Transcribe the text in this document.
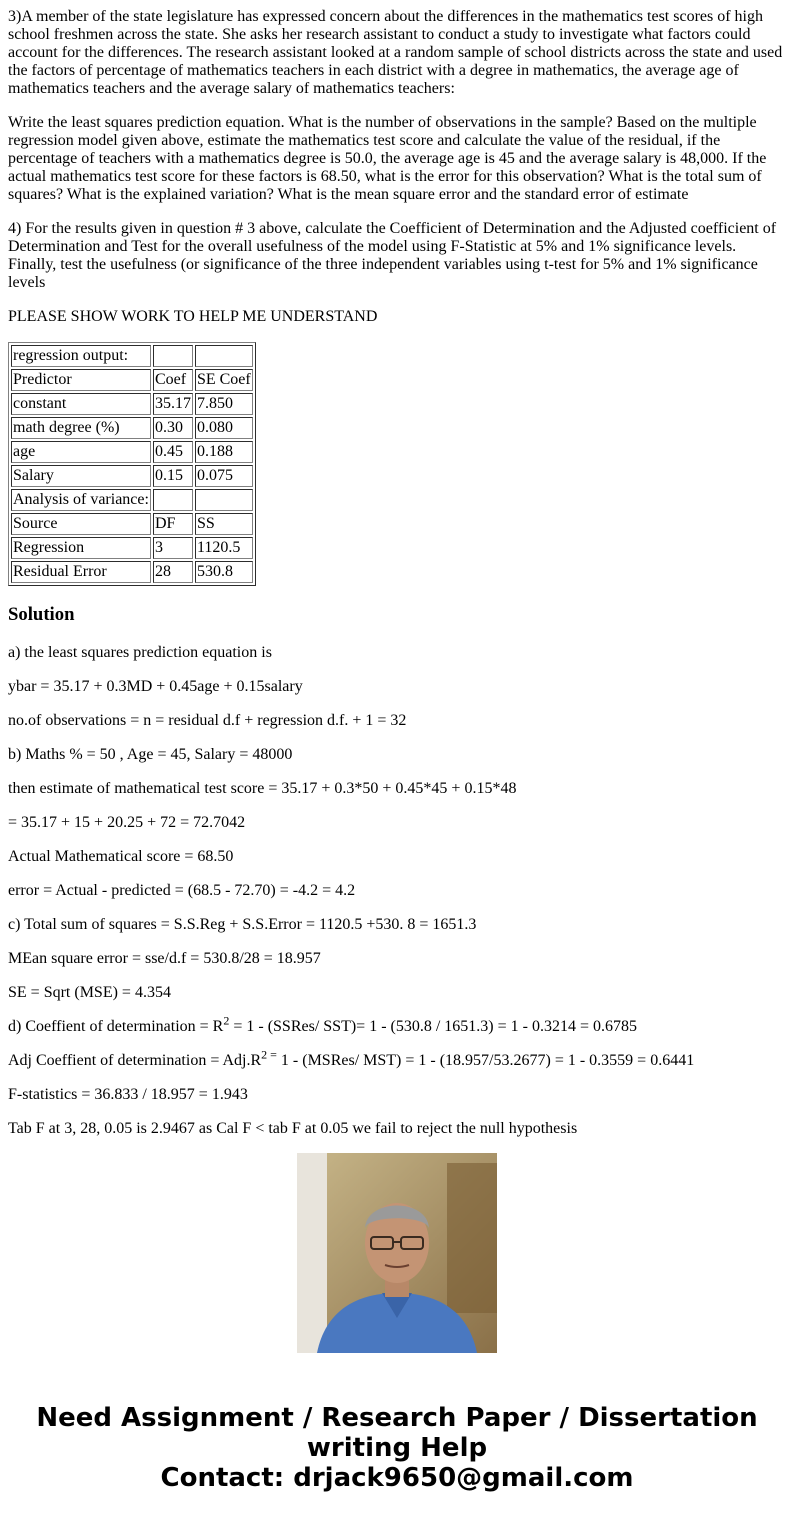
3)A member of the state legislature has expressed concern about the differences in the mathematics test scores of high school freshmen across the state. She asks her research assistant to conduct a study to investigate what factors could account for the differences. The research assistant looked at a random sample of school districts across the state and used the factors of percentage of mathematics teachers in each district with a degree in mathematics, the average age of mathematics teachers and the average salary of mathematics teachers:

Write the least squares prediction equation. What is the number of observations in the sample? Based on the multiple regression model given above, estimate the mathematics test score and calculate the value of the residual, if the percentage of teachers with a mathematics degree is 50.0, the average age is 45 and the average salary is 48,000. If the actual mathematics test score for these factors is 68.50, what is the error for this observation? What is the total sum of squares? What is the explained variation? What is the mean square error and the standard error of estimate

4) For the results given in question # 3 above, calculate the Coefficient of Determination and the Adjusted coefficient of Determination and Test for the overall usefulness of the model using F-Statistic at 5% and 1% significance levels. Finally, test the usefulness (or significance of the three independent variables using t-test for 5% and 1% significance levels

PLEASE SHOW WORK TO HELP ME UNDERSTAND

regression output:		
Predictor	Coef	SE Coef
constant	35.17	7.850
math degree (%)	0.30	0.080
age	0.45	0.188
Salary	0.15	0.075
Analysis of variance:		
Source	DF	SS
Regression	3	1120.5
Residual Error	28	530.8
Solution

a) the least squares prediction equation is

ybar = 35.17 + 0.3MD + 0.45age + 0.15salary

no.of observations = n = residual d.f + regression d.f. + 1 = 32

b) Maths % = 50 , Age = 45, Salary = 48000

then estimate of mathematical test score = 35.17 + 0.3*50 + 0.45*45 + 0.15*48

= 35.17 + 15 + 20.25 + 72 = 72.7042

Actual Mathematical score = 68.50

error = Actual - predicted = (68.5 - 72.70) = -4.2 = 4.2

c) Total sum of squares = S.S.Reg + S.S.Error = 1120.5 +530. 8 = 1651.3

MEan square error = sse/d.f = 530.8/28 = 18.957

SE = Sqrt (MSE) = 4.354

d) Coeffient of determination = $R^2 = 1$ - (SSRes/ SST)= 1 - (530.8 / 1651.3) = 1 - 0.3214 = 0.6785

Adj Coeffient of determination = $Adj.R^{2 =}$ 1 - (MSRes/ MST) = 1 - (18.957/53.2677) = 1 - 0.3559 = 0.6441

F-statistics = 36.833 / 18.957 = 1.943

Tab F at 3, 28, 0.05 is 2.9467 as Cal F < tab F at 0.05 we fail to reject the null hypothesis

Need Assignment / Research Paper / Dissertation
writing Help
Contact: drjack9650@gmail.com
